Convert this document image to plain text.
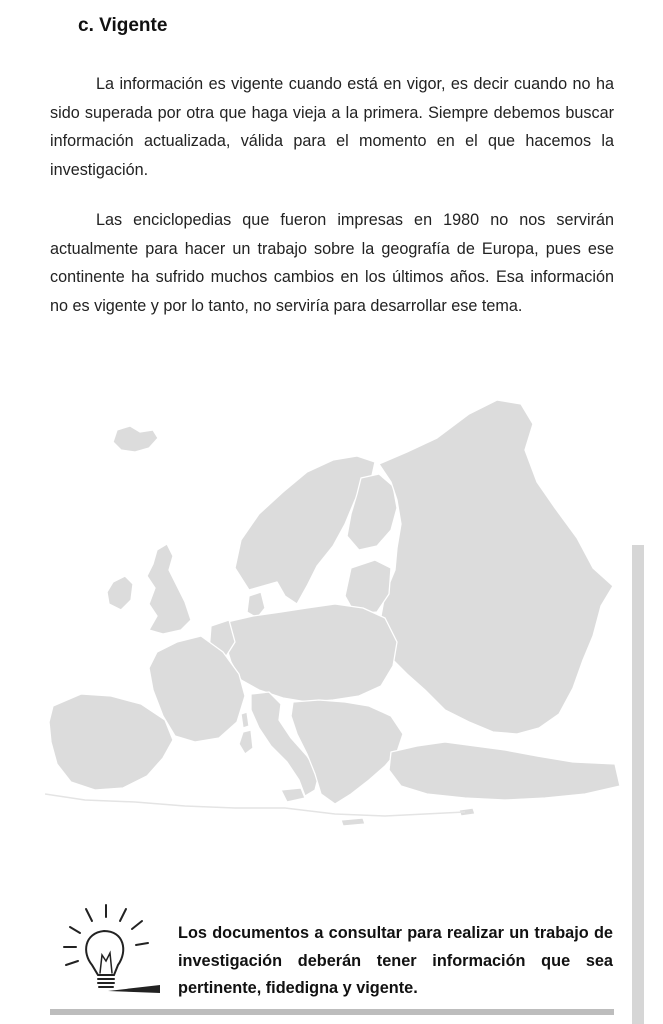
c. Vigente

La información es vigente cuando está en vigor, es decir cuando no ha sido superada por otra que haga vieja a la primera. Siempre debemos buscar información actualizada, válida para el momento en el que hacemos la investigación.

Las enciclopedias que fueron impresas en 1980 no nos servirán actualmente para hacer un trabajo sobre la geografía de Europa, pues ese continente ha sufrido muchos cambios en los últimos años. Esa información no es vigente y por lo tanto, no serviría para desarrollar ese tema.

Los documentos a consultar para realizar un trabajo de investigación deberán tener información que sea pertinente, fidedigna y vigente.
